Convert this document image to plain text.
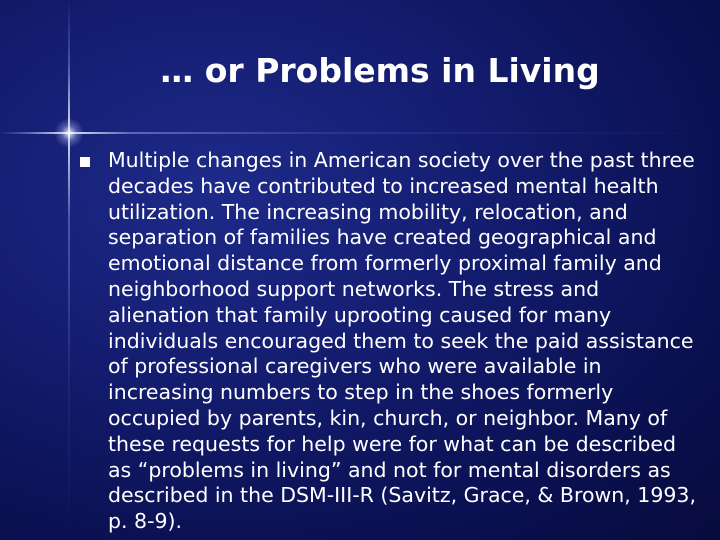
… or Problems in Living

Multiple changes in American society over the past three decades have contributed to increased mental health utilization. The increasing mobility, relocation, and separation of families have created geographical and emotional distance from formerly proximal family and neighborhood support networks. The stress and alienation that family uprooting caused for many individuals encouraged them to seek the paid assistance of professional caregivers who were available in increasing numbers to step in the shoes formerly occupied by parents, kin, church, or neighbor. Many of these requests for help were for what can be described as “problems in living” and not for mental disorders as described in the DSM-III-R (Savitz, Grace, & Brown, 1993, p. 8-9).
